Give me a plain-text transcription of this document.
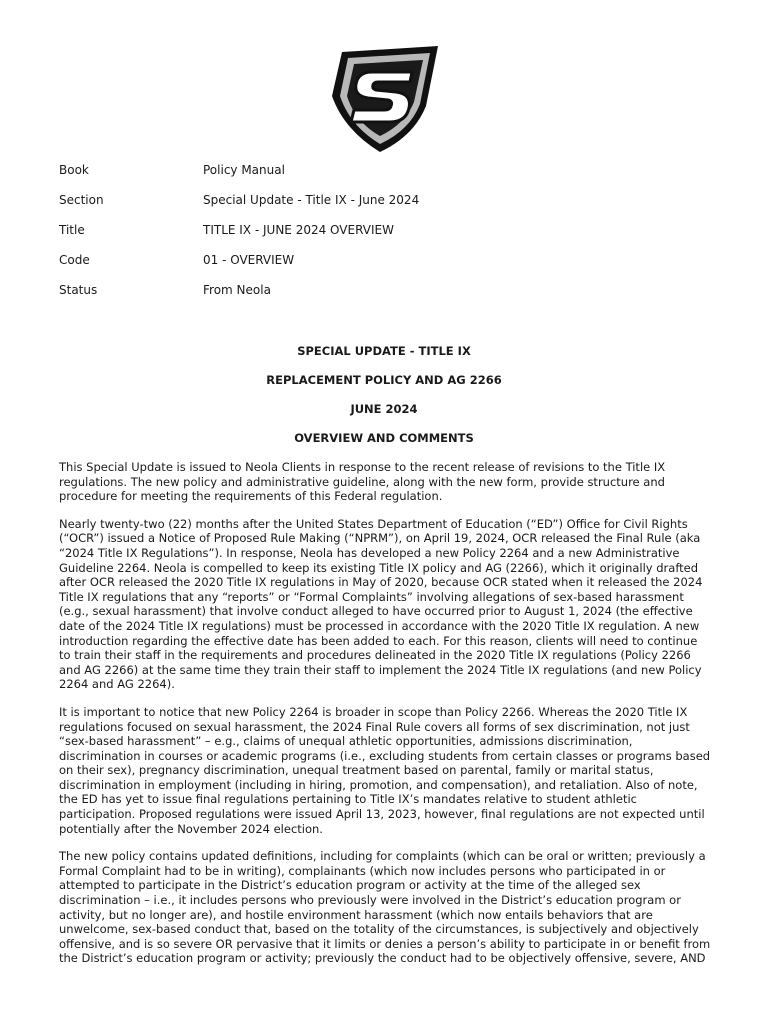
Book	Policy Manual
Section	Special Update - Title IX - June 2024
Title	TITLE IX - JUNE 2024 OVERVIEW
Code	01 - OVERVIEW
Status	From Neola
SPECIAL UPDATE - TITLE IX
REPLACEMENT POLICY AND AG 2266
JUNE 2024
OVERVIEW AND COMMENTS

This Special Update is issued to Neola Clients in response to the recent release of revisions to the Title IX regulations. The new policy and administrative guideline, along with the new form, provide structure and procedure for meeting the requirements of this Federal regulation.

Nearly twenty-two (22) months after the United States Department of Education (“ED”) Office for Civil Rights (“OCR”) issued a Notice of Proposed Rule Making (“NPRM”), on April 19, 2024, OCR released the Final Rule (aka “2024 Title IX Regulations”). In response, Neola has developed a new Policy 2264 and a new Administrative Guideline 2264. Neola is compelled to keep its existing Title IX policy and AG (2266), which it originally drafted after OCR released the 2020 Title IX regulations in May of 2020, because OCR stated when it released the 2024 Title IX regulations that any “reports” or “Formal Complaints” involving allegations of sex-based harassment (e.g., sexual harassment) that involve conduct alleged to have occurred prior to August 1, 2024 (the effective date of the 2024 Title IX regulations) must be processed in accordance with the 2020 Title IX regulation. A new introduction regarding the effective date has been added to each. For this reason, clients will need to continue to train their staff in the requirements and procedures delineated in the 2020 Title IX regulations (Policy 2266 and AG 2266) at the same time they train their staff to implement the 2024 Title IX regulations (and new Policy 2264 and AG 2264).

It is important to notice that new Policy 2264 is broader in scope than Policy 2266. Whereas the 2020 Title IX regulations focused on sexual harassment, the 2024 Final Rule covers all forms of sex discrimination, not just “sex-based harassment” – e.g., claims of unequal athletic opportunities, admissions discrimination, discrimination in courses or academic programs (i.e., excluding students from certain classes or programs based on their sex), pregnancy discrimination, unequal treatment based on parental, family or marital status, discrimination in employment (including in hiring, promotion, and compensation), and retaliation. Also of note, the ED has yet to issue final regulations pertaining to Title IX’s mandates relative to student athletic participation. Proposed regulations were issued April 13, 2023, however, final regulations are not expected until potentially after the November 2024 election.

The new policy contains updated definitions, including for complaints (which can be oral or written; previously a Formal Complaint had to be in writing), complainants (which now includes persons who participated in or attempted to participate in the District’s education program or activity at the time of the alleged sex discrimination – i.e., it includes persons who previously were involved in the District’s education program or activity, but no longer are), and hostile environment harassment (which now entails behaviors that are unwelcome, sex-based conduct that, based on the totality of the circumstances, is subjectively and objectively offensive, and is so severe OR pervasive that it limits or denies a person’s ability to participate in or benefit from the District’s education program or activity; previously the conduct had to be objectively offensive, severe, AND
